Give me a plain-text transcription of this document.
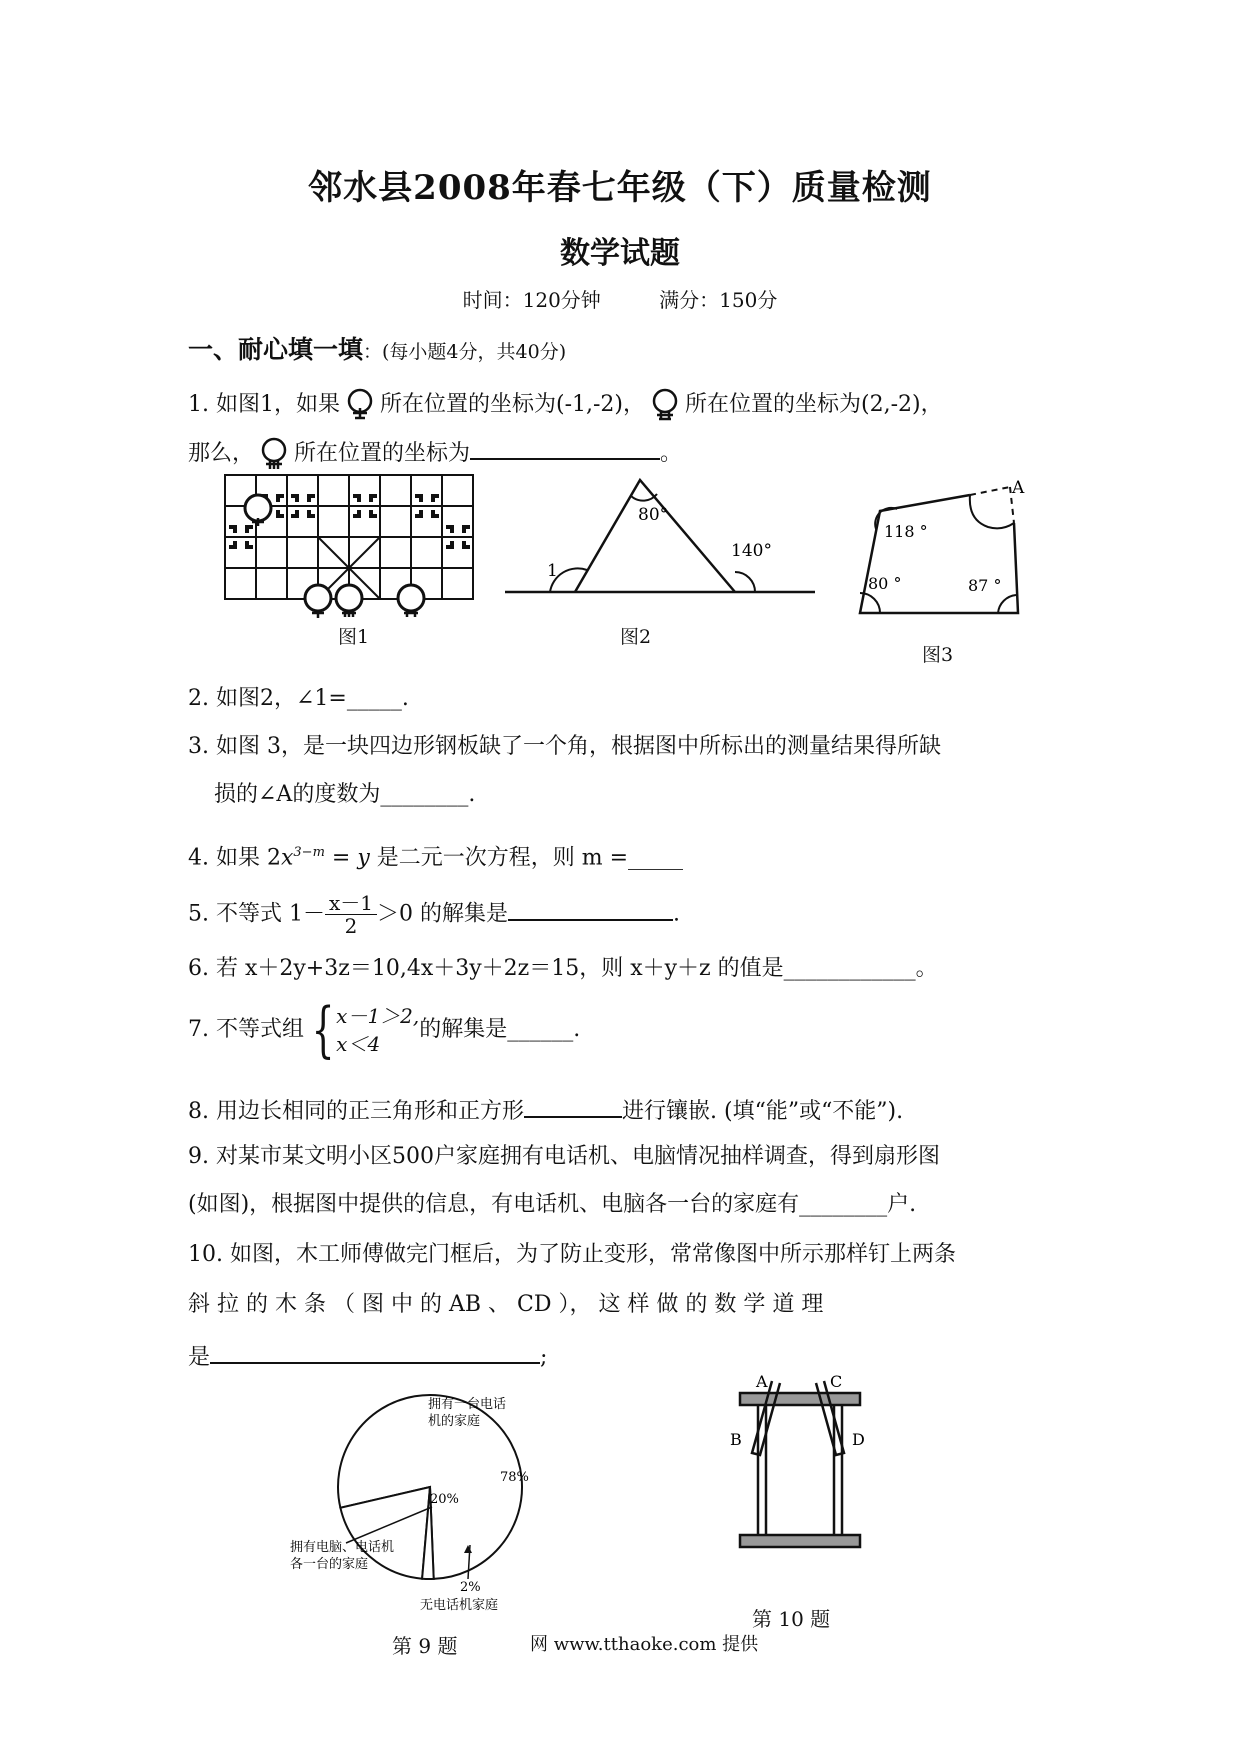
邻水县2008年春七年级（下）质量检测
数学试题
时间：120分钟	满分：150分
一、耐心填一填：(每小题4分，共40分)
1. 如图1，如果 所在位置的坐标为(-1,-2)， 所在位置的坐标为(2,-2)，
那么， 所在位置的坐标为	。
80°
140°
1
A
118 °
80 °	87 °
图1	图2
图3
2. 如图2，∠1=_____.
3. 如图 3，是一块四边形钢板缺了一个角，根据图中所标出的测量结果得所缺
损的∠A的度数为________.
4. 如果 $2x^{3-m} = y$ 是二元一次方程，则 m =_____
5. 不等式 $1- \frac{x-1}{2} >0$ 的解集是	.
6. 若 x＋2y+3z＝10,4x＋3y＋2z＝15，则 x＋y＋z 的值是____________。
7. 不等式组 { x－1＞2,
x＜4
的解集是______.
8. 用边长相同的正三角形和正方形	进行镶嵌. (填“能”或“不能”).
9. 对某市某文明小区500户家庭拥有电话机、电脑情况抽样调查，得到扇形图
(如图)，根据图中提供的信息，有电话机、电脑各一台的家庭有________户.
10. 如图，木工师傅做完门框后，为了防止变形，常常像图中所示那样钉上两条
斜 拉 的 木 条 （ 图 中 的 AB 、 CD ）， 这 样 做 的 数 学 道 理
是	;
拥有一台电话
机的家庭
78%
20%
拥有电脑、电话机
各一台的家庭
2%
无电话机家庭
A	C
B	D
第 10 题
第 9 题	网 www.tthaoke.com 提供
